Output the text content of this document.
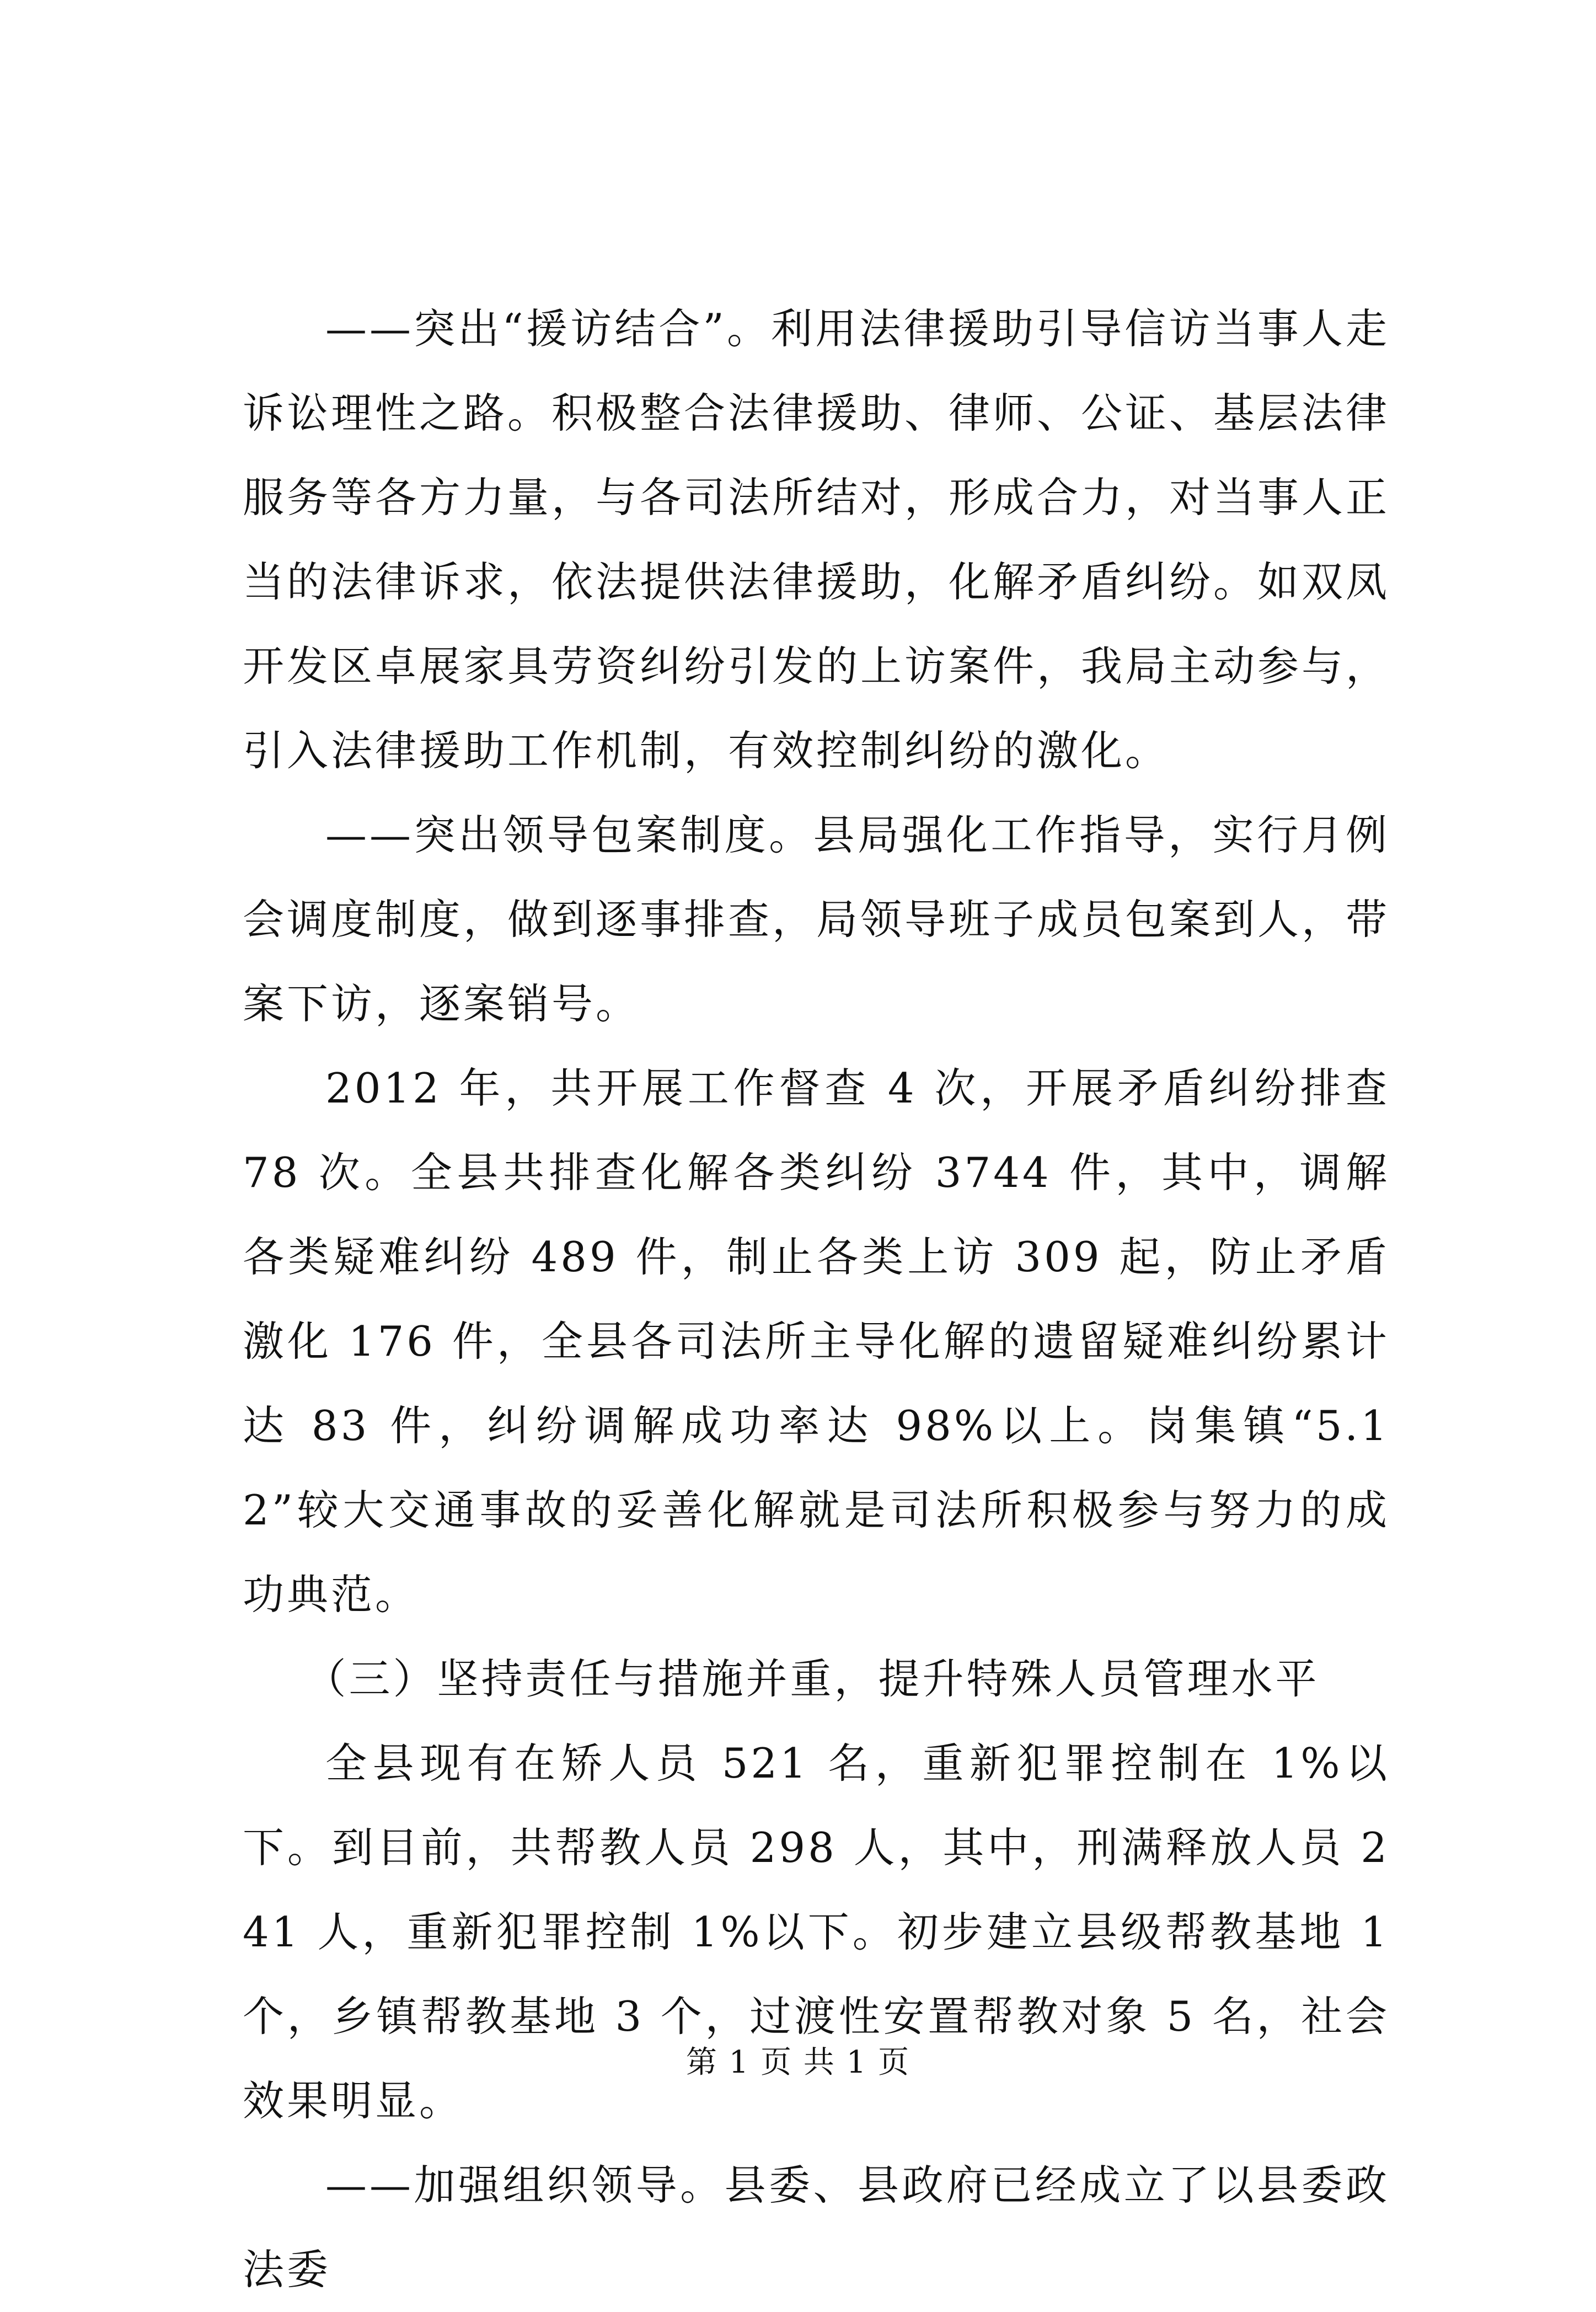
——突出“援访结合”。利用法律援助引导信访当事人走诉讼理性之路。积极整合法律援助、律师、公证、基层法律服务等各方力量，与各司法所结对，形成合力，对当事人正当的法律诉求，依法提供法律援助，化解矛盾纠纷。如双凤开发区卓展家具劳资纠纷引发的上访案件，我局主动参与，引入法律援助工作机制，有效控制纠纷的激化。

——突出领导包案制度。县局强化工作指导，实行月例会调度制度，做到逐事排查，局领导班子成员包案到人，带案下访，逐案销号。

2012 年，共开展工作督查 4 次，开展矛盾纠纷排查 78 次。全县共排查化解各类纠纷 3744 件，其中，调解各类疑难纠纷 489 件，制止各类上访 309 起，防止矛盾激化 176 件，全县各司法所主导化解的遗留疑难纠纷累计达 83 件，纠纷调解成功率达 98%以上。岗集镇“5.12”较大交通事故的妥善化解就是司法所积极参与努力的成功典范。

（三）坚持责任与措施并重，提升特殊人员管理水平

全县现有在矫人员 521 名，重新犯罪控制在 1%以下。到目前，共帮教人员 298 人，其中，刑满释放人员 241 人，重新犯罪控制 1%以下。初步建立县级帮教基地 1 个，乡镇帮教基地 3 个，过渡性安置帮教对象 5 名，社会效果明显。

——加强组织领导。县委、县政府已经成立了以县委政法委

第 1 页 共 1 页
